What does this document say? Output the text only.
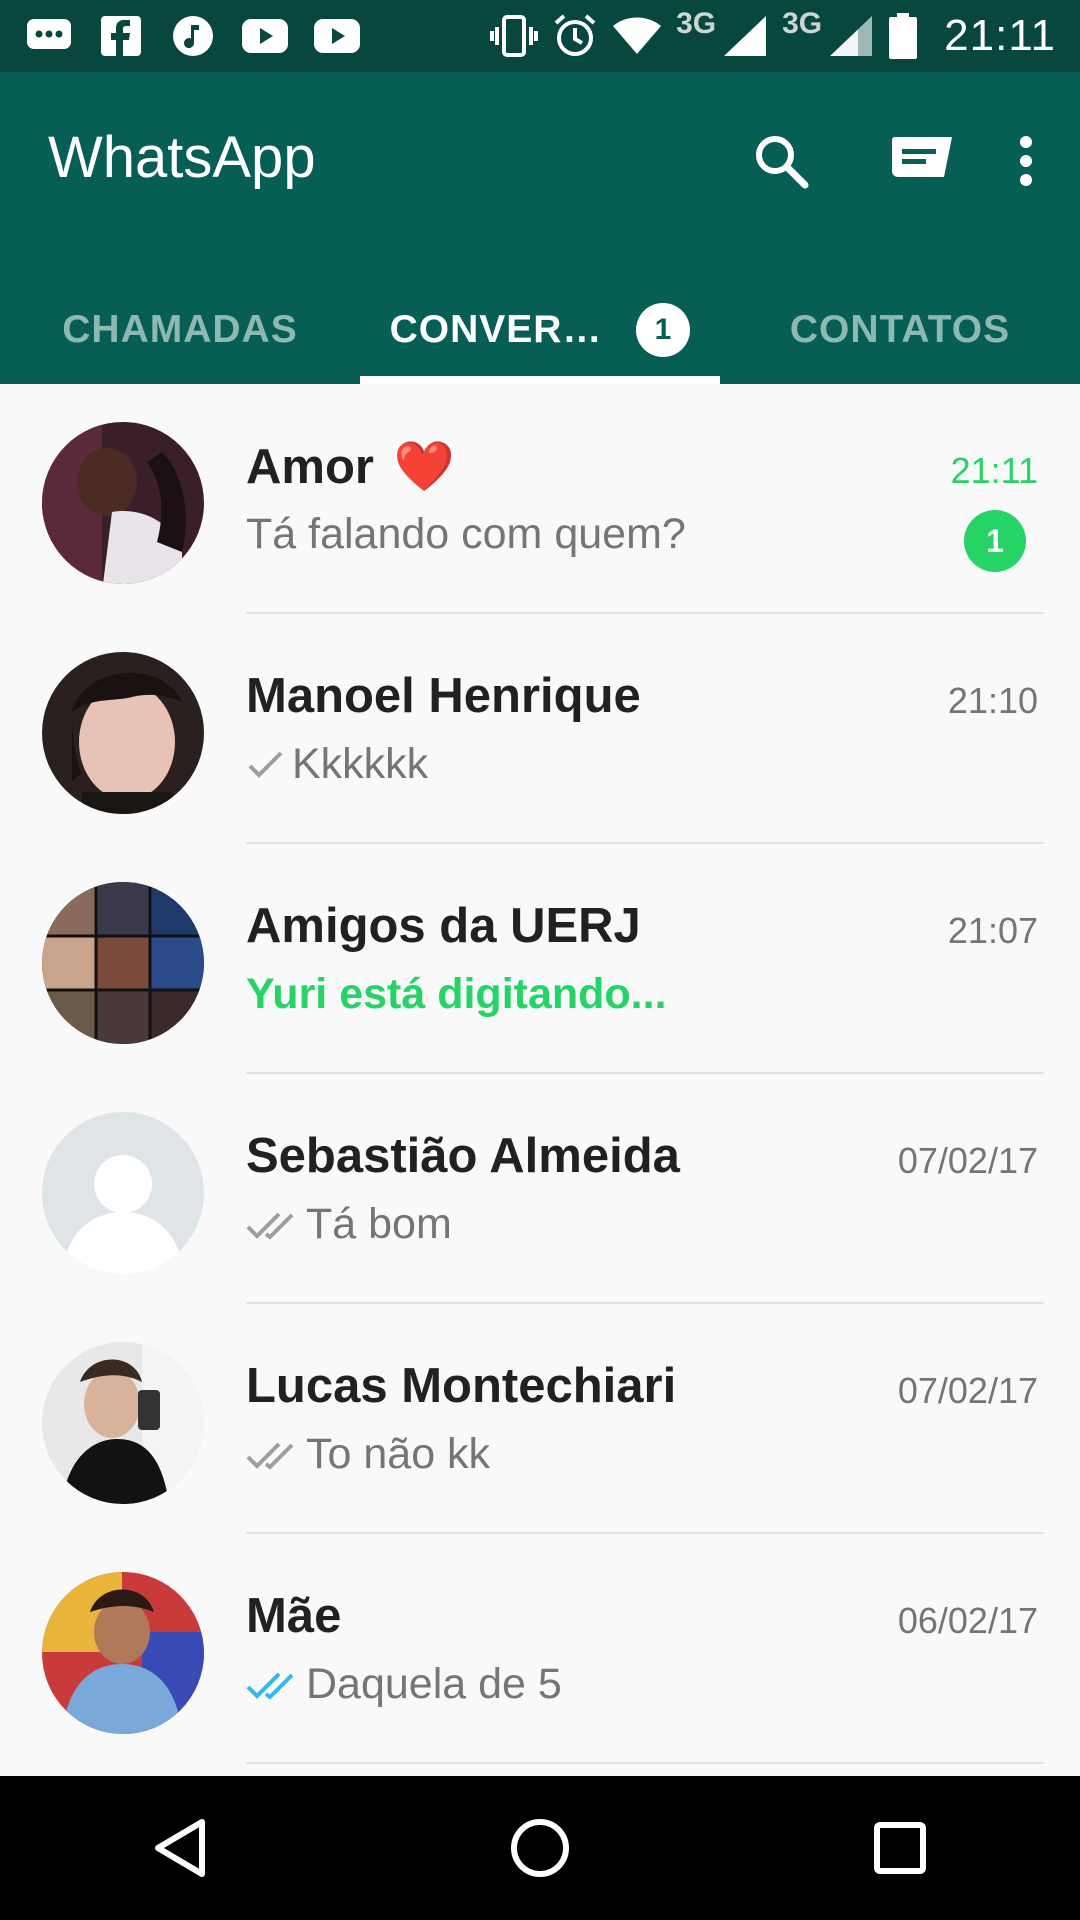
3G 3G	21:11
WhatsApp
CHAMADAS CONVER…	1	CONTATOS
Amor ❤️
Tá falando com quem?
21:11
1
Manoel Henrique
Kkkkkk
21:10
Amigos da UERJ
Yuri está digitando...
21:07
Sebastião Almeida
Tá bom
07/02/17
Lucas Montechiari
To não kk
07/02/17
Mãe
Daquela de 5
06/02/17
